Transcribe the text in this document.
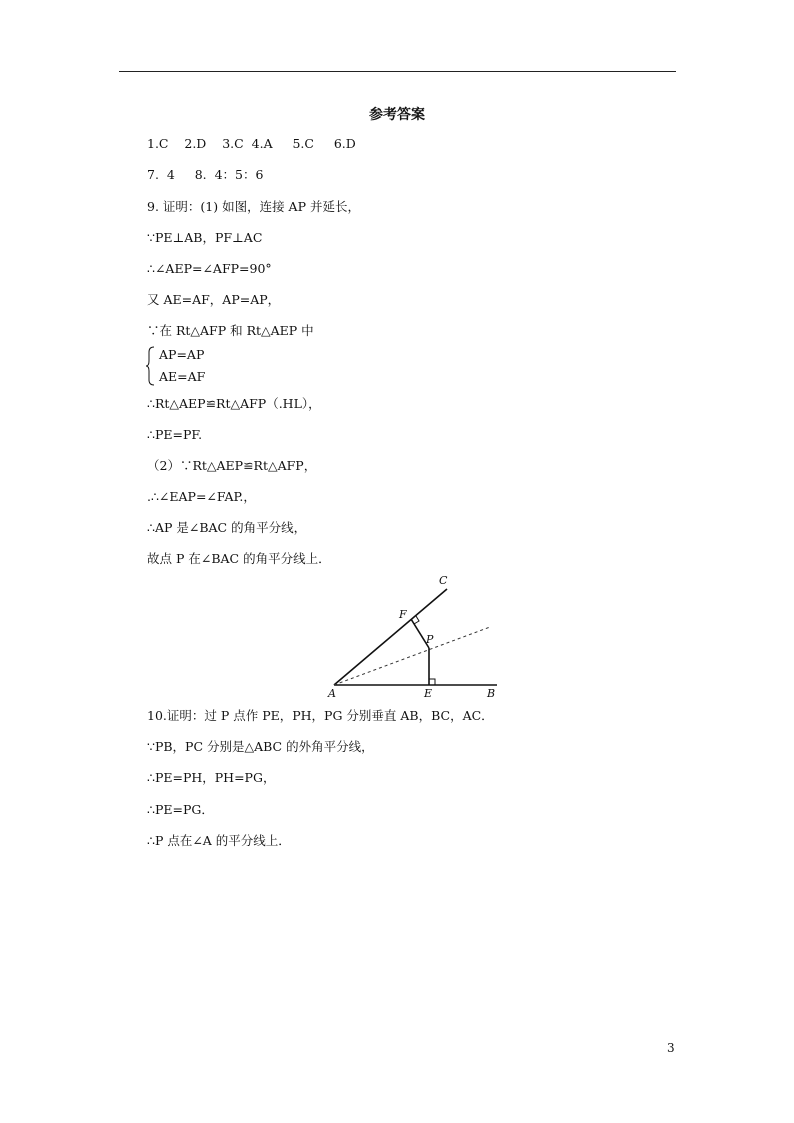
参考答案
1.C    2.D    3.C  4.A     5.C     6.D
7.  4     8.  4：5：6
9. 证明：(1) 如图，连接 AP 并延长，
∵PE⊥AB，PF⊥AC
∴∠AEP=∠AFP=90°
又 AE=AF，AP=AP，
∵在 Rt△AFP 和 Rt△AEP 中
AP=AP
AE=AF
∴Rt△AEP≌Rt△AFP（.HL），
∴PE=PF.
（2）∵Rt△AEP≌Rt△AFP，
.∴∠EAP=∠FAP.，
∴AP 是∠BAC 的角平分线，
故点 P 在∠BAC 的角平分线上．
A	B
C
E
F
P
10.证明：过 P 点作 PE，PH，PG 分别垂直 AB，BC，AC．
∵PB，PC 分别是△ABC 的外角平分线，
∴PE=PH，PH=PG，
∴PE=PG．
∴P 点在∠A 的平分线上．
3
